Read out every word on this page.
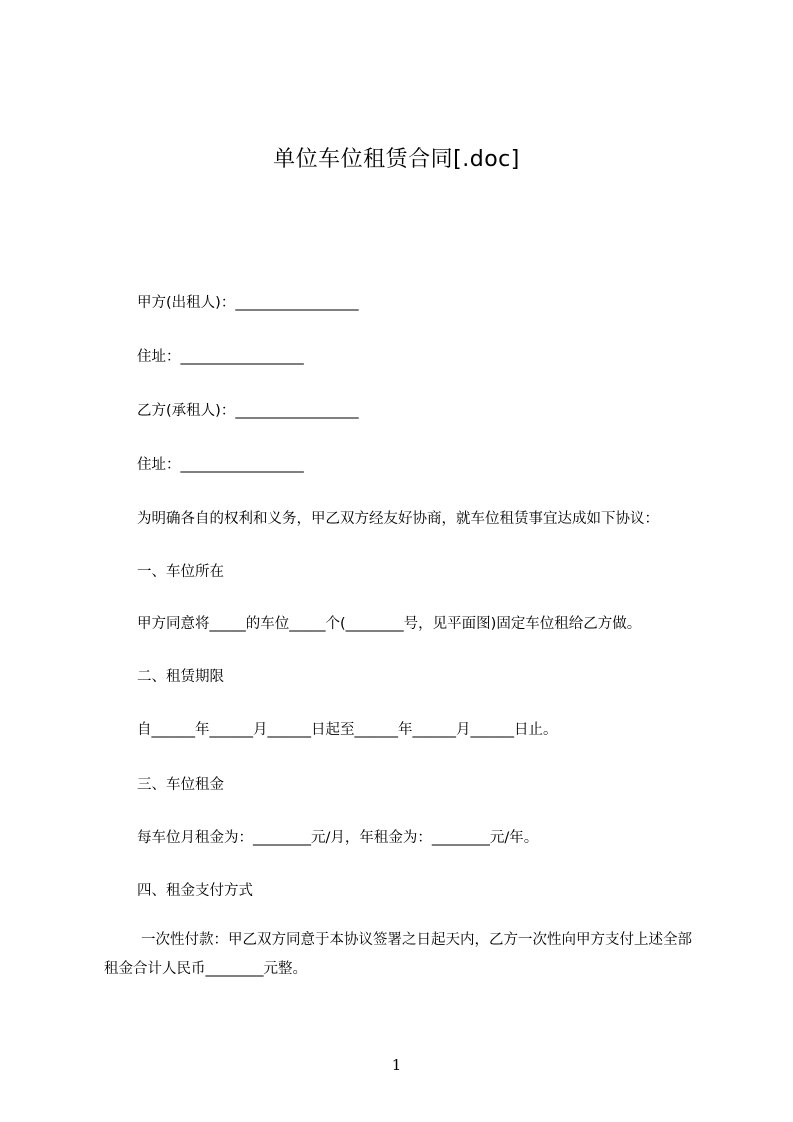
单位车位租赁合同[.doc]

甲方(出租人)：_________________

住址：_________________

乙方(承租人)：_________________

住址：_________________

为明确各自的权利和义务，甲乙双方经友好协商，就车位租赁事宜达成如下协议：

一、车位所在

甲方同意将_____的车位_____个(________号，见平面图)固定车位租给乙方做。

二、租赁期限

自______年______月______日起至______年______月______日止。

三、车位租金

每车位月租金为：________元/月，年租金为：________元/年。

四、租金支付方式

一次性付款：甲乙双方同意于本协议签署之日起天内，乙方一次性向甲方支付上述全部租金合计人民币________元整。

1
